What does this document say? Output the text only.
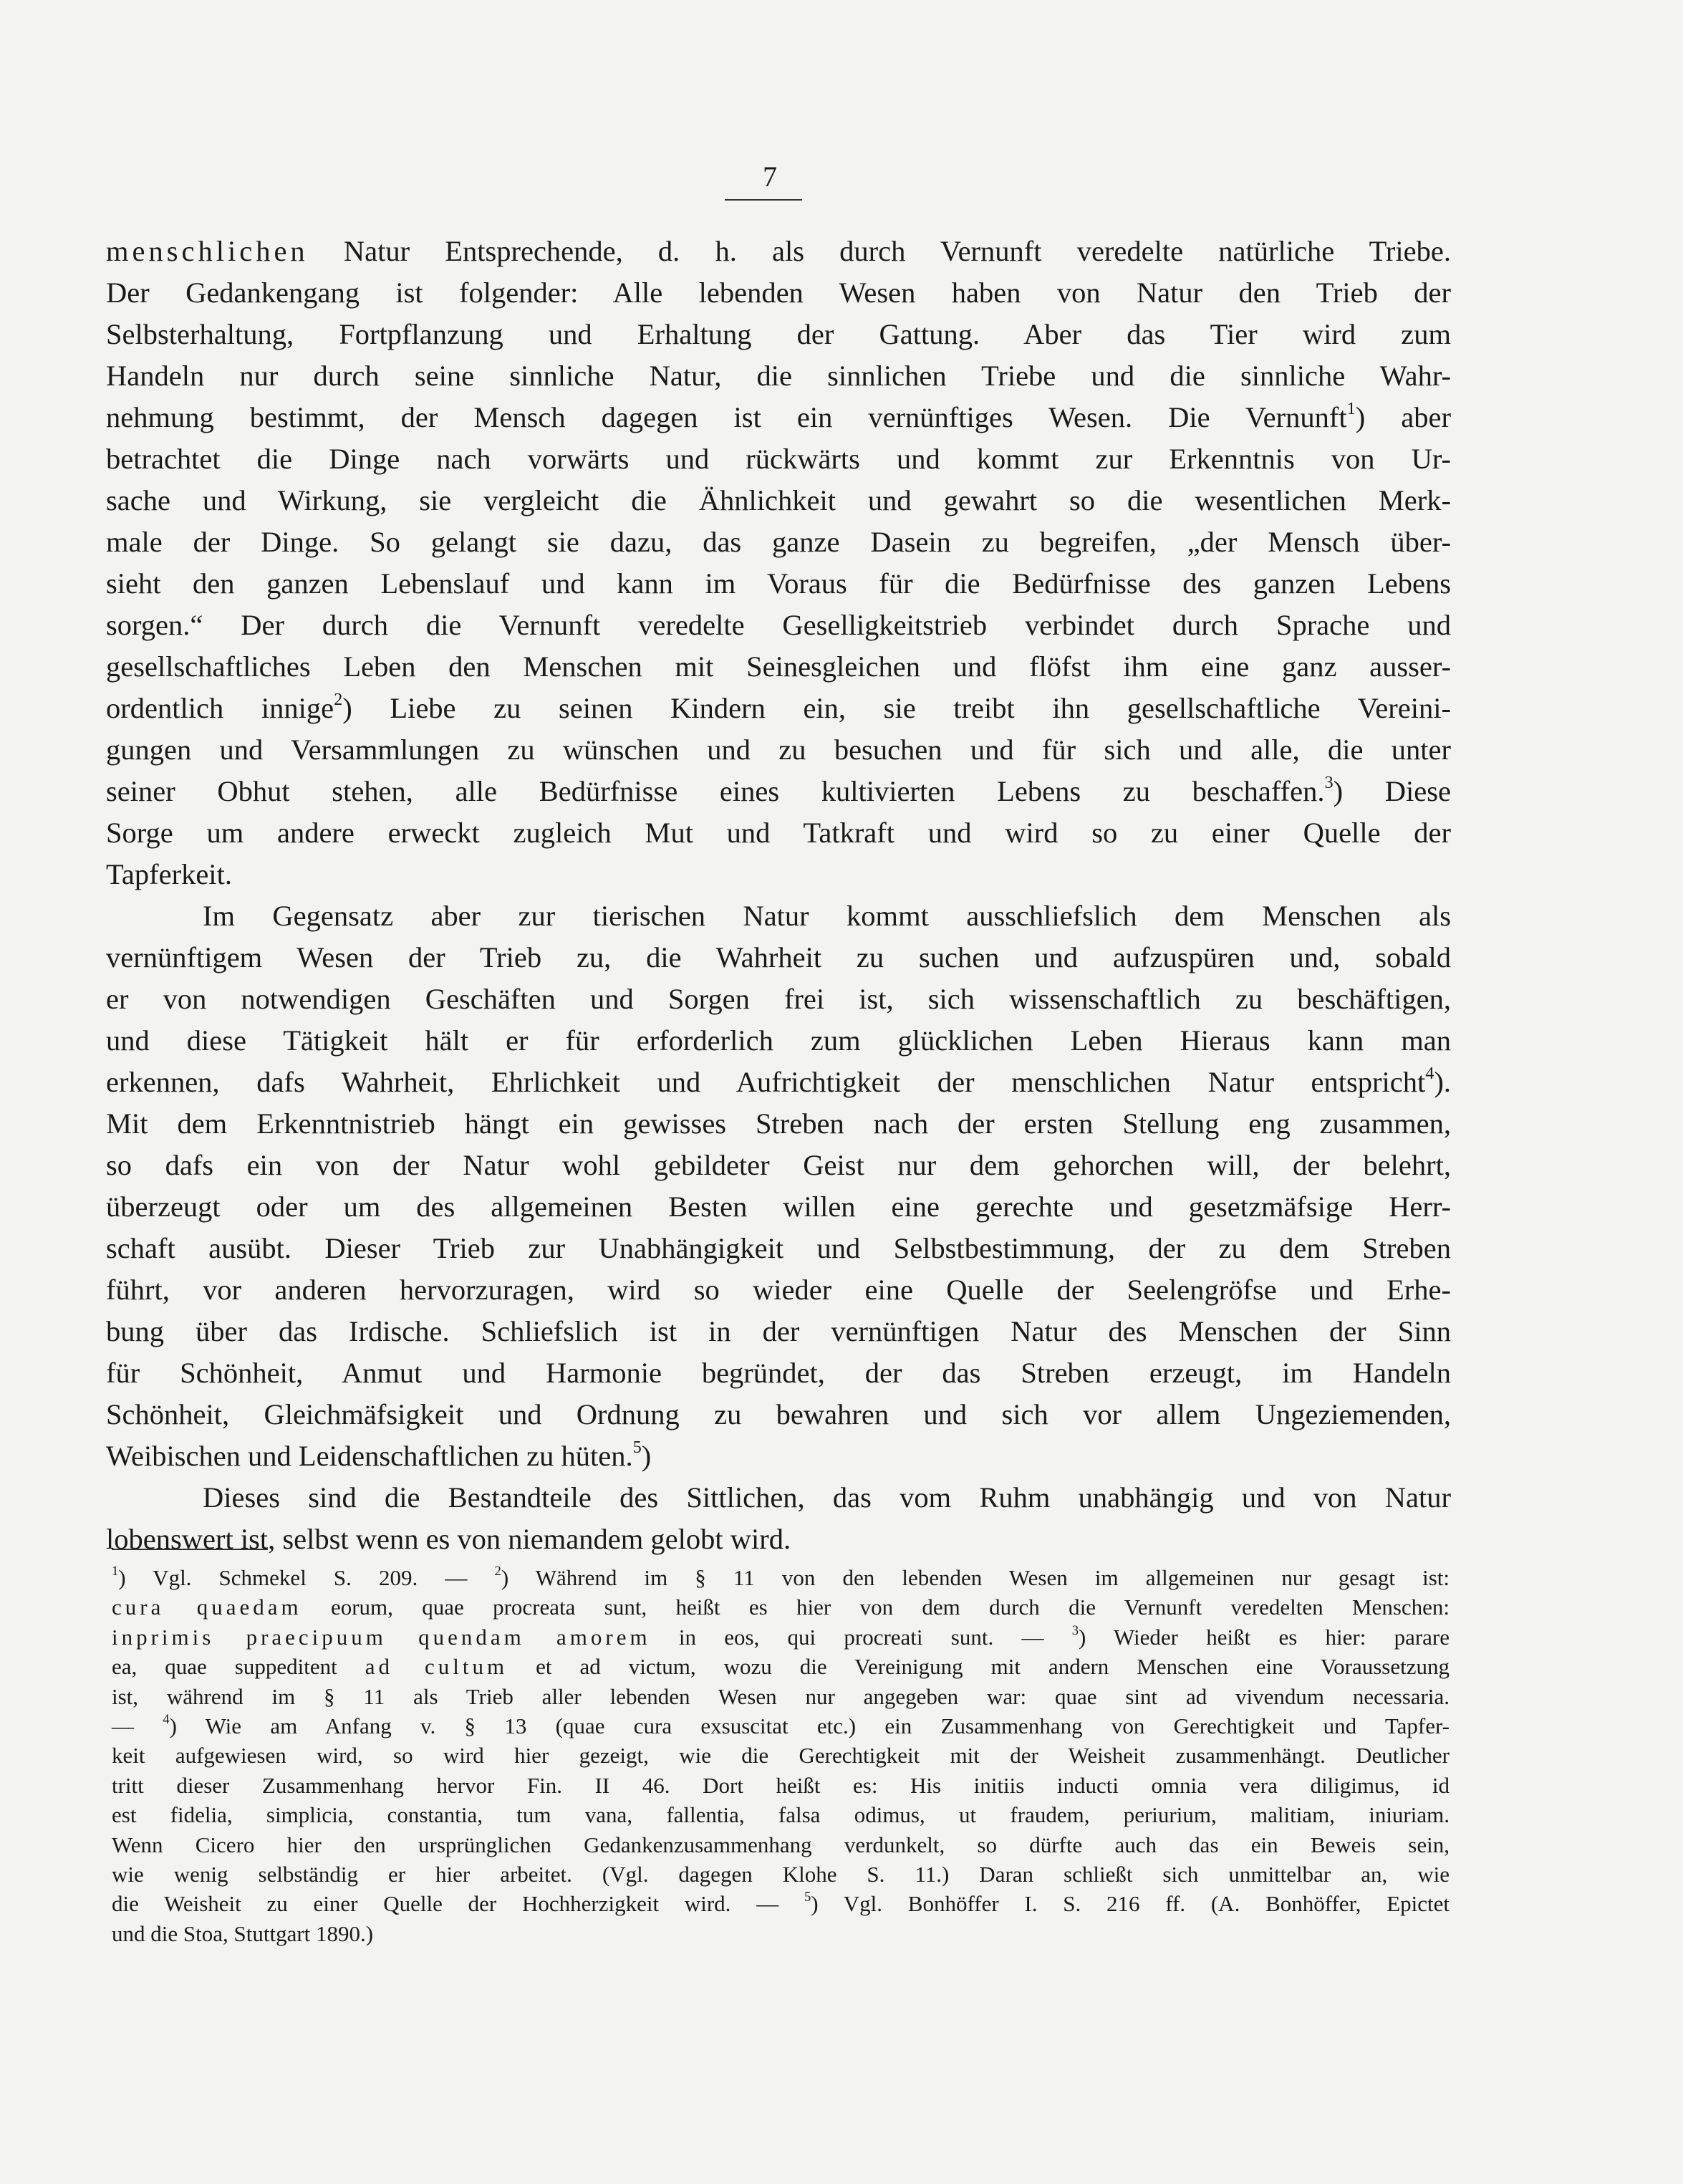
7

menschlichen Natur Entsprechende, d. h. als durch Vernunft veredelte natürliche Triebe.
Der Gedankengang ist folgender: Alle lebenden Wesen haben von Natur den Trieb der
Selbsterhaltung, Fortpflanzung und Erhaltung der Gattung. Aber das Tier wird zum
Handeln nur durch seine sinnliche Natur, die sinnlichen Triebe und die sinnliche Wahr-
nehmung bestimmt, der Mensch dagegen ist ein vernünftiges Wesen. Die Vernunft$^1$) aber
betrachtet die Dinge nach vorwärts und rückwärts und kommt zur Erkenntnis von Ur-
sache und Wirkung, sie vergleicht die Ähnlichkeit und gewahrt so die wesentlichen Merk-
male der Dinge. So gelangt sie dazu, das ganze Dasein zu begreifen, „der Mensch über-
sieht den ganzen Lebenslauf und kann im Voraus für die Bedürfnisse des ganzen Lebens
sorgen.“ Der durch die Vernunft veredelte Geselligkeitstrieb verbindet durch Sprache und
gesellschaftliches Leben den Menschen mit Seinesgleichen und flöfst ihm eine ganz ausser-
ordentlich innige$^2$) Liebe zu seinen Kindern ein, sie treibt ihn gesellschaftliche Vereini-
gungen und Versammlungen zu wünschen und zu besuchen und für sich und alle, die unter
seiner Obhut stehen, alle Bedürfnisse eines kultivierten Lebens zu beschaffen.$^3$) Diese
Sorge um andere erweckt zugleich Mut und Tatkraft und wird so zu einer Quelle der
Tapferkeit.

Im Gegensatz aber zur tierischen Natur kommt ausschliefslich dem Menschen als
vernünftigem Wesen der Trieb zu, die Wahrheit zu suchen und aufzuspüren und, sobald
er von notwendigen Geschäften und Sorgen frei ist, sich wissenschaftlich zu beschäftigen,
und diese Tätigkeit hält er für erforderlich zum glücklichen Leben Hieraus kann man
erkennen, dafs Wahrheit, Ehrlichkeit und Aufrichtigkeit der menschlichen Natur entspricht$^4$).
Mit dem Erkenntnistrieb hängt ein gewisses Streben nach der ersten Stellung eng zusammen,
so dafs ein von der Natur wohl gebildeter Geist nur dem gehorchen will, der belehrt,
überzeugt oder um des allgemeinen Besten willen eine gerechte und gesetzmäfsige Herr-
schaft ausübt. Dieser Trieb zur Unabhängigkeit und Selbstbestimmung, der zu dem Streben
führt, vor anderen hervorzuragen, wird so wieder eine Quelle der Seelengröfse und Erhe-
bung über das Irdische. Schliefslich ist in der vernünftigen Natur des Menschen der Sinn
für Schönheit, Anmut und Harmonie begründet, der das Streben erzeugt, im Handeln
Schönheit, Gleichmäfsigkeit und Ordnung zu bewahren und sich vor allem Ungeziemenden,
Weibischen und Leidenschaftlichen zu hüten.$^5$)

Dieses sind die Bestandteile des Sittlichen, das vom Ruhm unabhängig und von Natur
lobenswert ist, selbst wenn es von niemandem gelobt wird.

$^1$) Vgl. Schmekel S. 209. — $^2$) Während im § 11 von den lebenden Wesen im allgemeinen nur gesagt ist:
cura quaedam eorum, quae procreata sunt, heißt es hier von dem durch die Vernunft veredelten Menschen:
inprimis praecipuum quendam amorem in eos, qui procreati sunt. — $^3$) Wieder heißt es hier: parare
ea, quae suppeditent ad cultum et ad victum, wozu die Vereinigung mit andern Menschen eine Voraussetzung
ist, während im § 11 als Trieb aller lebenden Wesen nur angegeben war: quae sint ad vivendum necessaria.
— $^4$) Wie am Anfang v. § 13 (quae cura exsuscitat etc.) ein Zusammenhang von Gerechtigkeit und Tapfer-
keit aufgewiesen wird, so wird hier gezeigt, wie die Gerechtigkeit mit der Weisheit zusammenhängt. Deutlicher
tritt dieser Zusammenhang hervor Fin. II 46. Dort heißt es: His initiis inducti omnia vera diligimus, id
est fidelia, simplicia, constantia, tum vana, fallentia, falsa odimus, ut fraudem, periurium, malitiam, iniuriam.
Wenn Cicero hier den ursprünglichen Gedankenzusammenhang verdunkelt, so dürfte auch das ein Beweis sein,
wie wenig selbständig er hier arbeitet. (Vgl. dagegen Klohe S. 11.) Daran schließt sich unmittelbar an, wie
die Weisheit zu einer Quelle der Hochherzigkeit wird. — $^5$) Vgl. Bonhöffer I. S. 216 ff. (A. Bonhöffer, Epictet
und die Stoa, Stuttgart 1890.)
